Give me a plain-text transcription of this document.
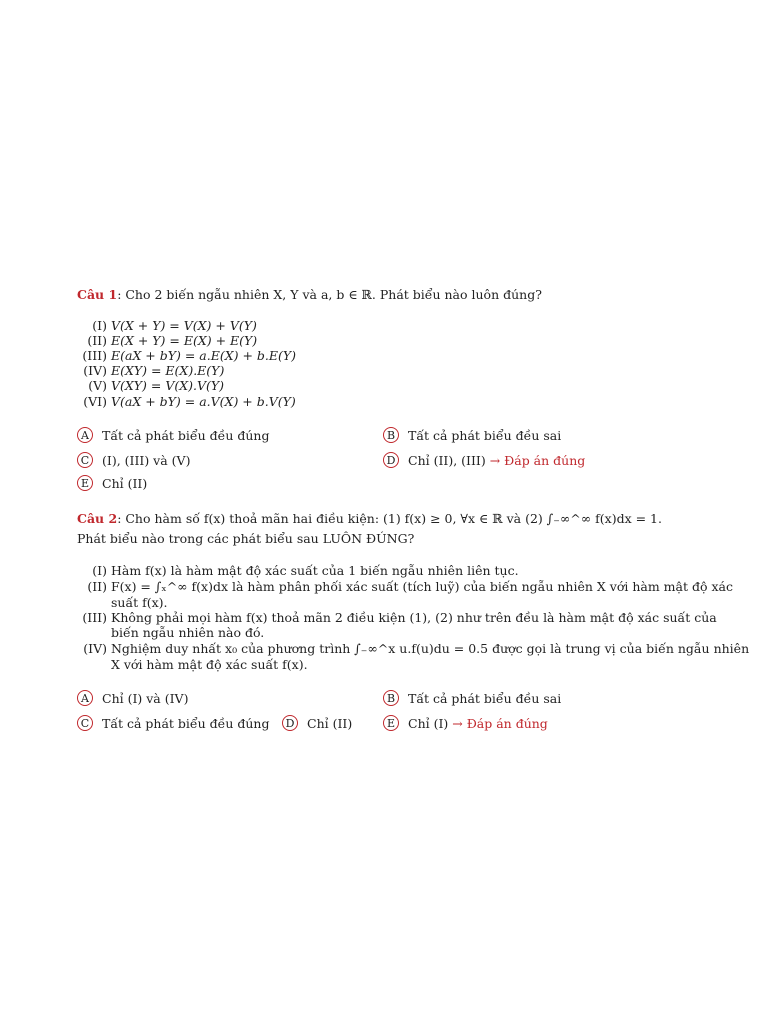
Câu 1: Cho 2 biến ngẫu nhiên X, Y và a, b ∈ ℝ. Phát biểu nào luôn đúng?
(I) V(X + Y) = V(X) + V(Y)
(II) E(X + Y) = E(X) + E(Y)
(III) E(aX + bY) = a.E(X) + b.E(Y)
(IV) E(XY) = E(X).E(Y)
(V) V(XY) = V(X).V(Y)
(VI) V(aX + bY) = a.V(X) + b.V(Y)
A	Tất cả phát biểu đều đúng	B	Tất cả phát biểu đều sai
C	(I), (III) và (V)	D Chỉ (II), (III)
→ Đáp án đúng
E	Chỉ (II)
Câu 2: Cho hàm số f(x) thoả mãn hai điều kiện: (1) f(x) ≥ 0, ∀x ∈ ℝ và (2) ∫₋∞^∞ f(x)dx = 1.
Phát biểu nào trong các phát biểu sau LUÔN ĐÚNG?
(I) Hàm f(x) là hàm mật độ xác suất của 1 biến ngẫu nhiên liên tục.
(II) F(x) = ∫ₓ^∞ f(x)dx là hàm phân phối xác suất (tích luỹ) của biến ngẫu nhiên X với hàm mật độ xác
suất f(x).
(III) Không phải mọi hàm f(x) thoả mãn 2 điều kiện (1), (2) như trên đều là hàm mật độ xác suất của
biến ngẫu nhiên nào đó.
(IV) Nghiệm duy nhất x₀ của phương trình ∫₋∞^x u.f(u)du = 0.5 được gọi là trung vị của biến ngẫu nhiên
X với hàm mật độ xác suất f(x).
A	Chỉ (I) và (IV)	B	Tất cả phát biểu đều sai
C	Tất cả phát biểu đều đúng	D Chỉ (II)	E	Chỉ (I)
→ Đáp án đúng
